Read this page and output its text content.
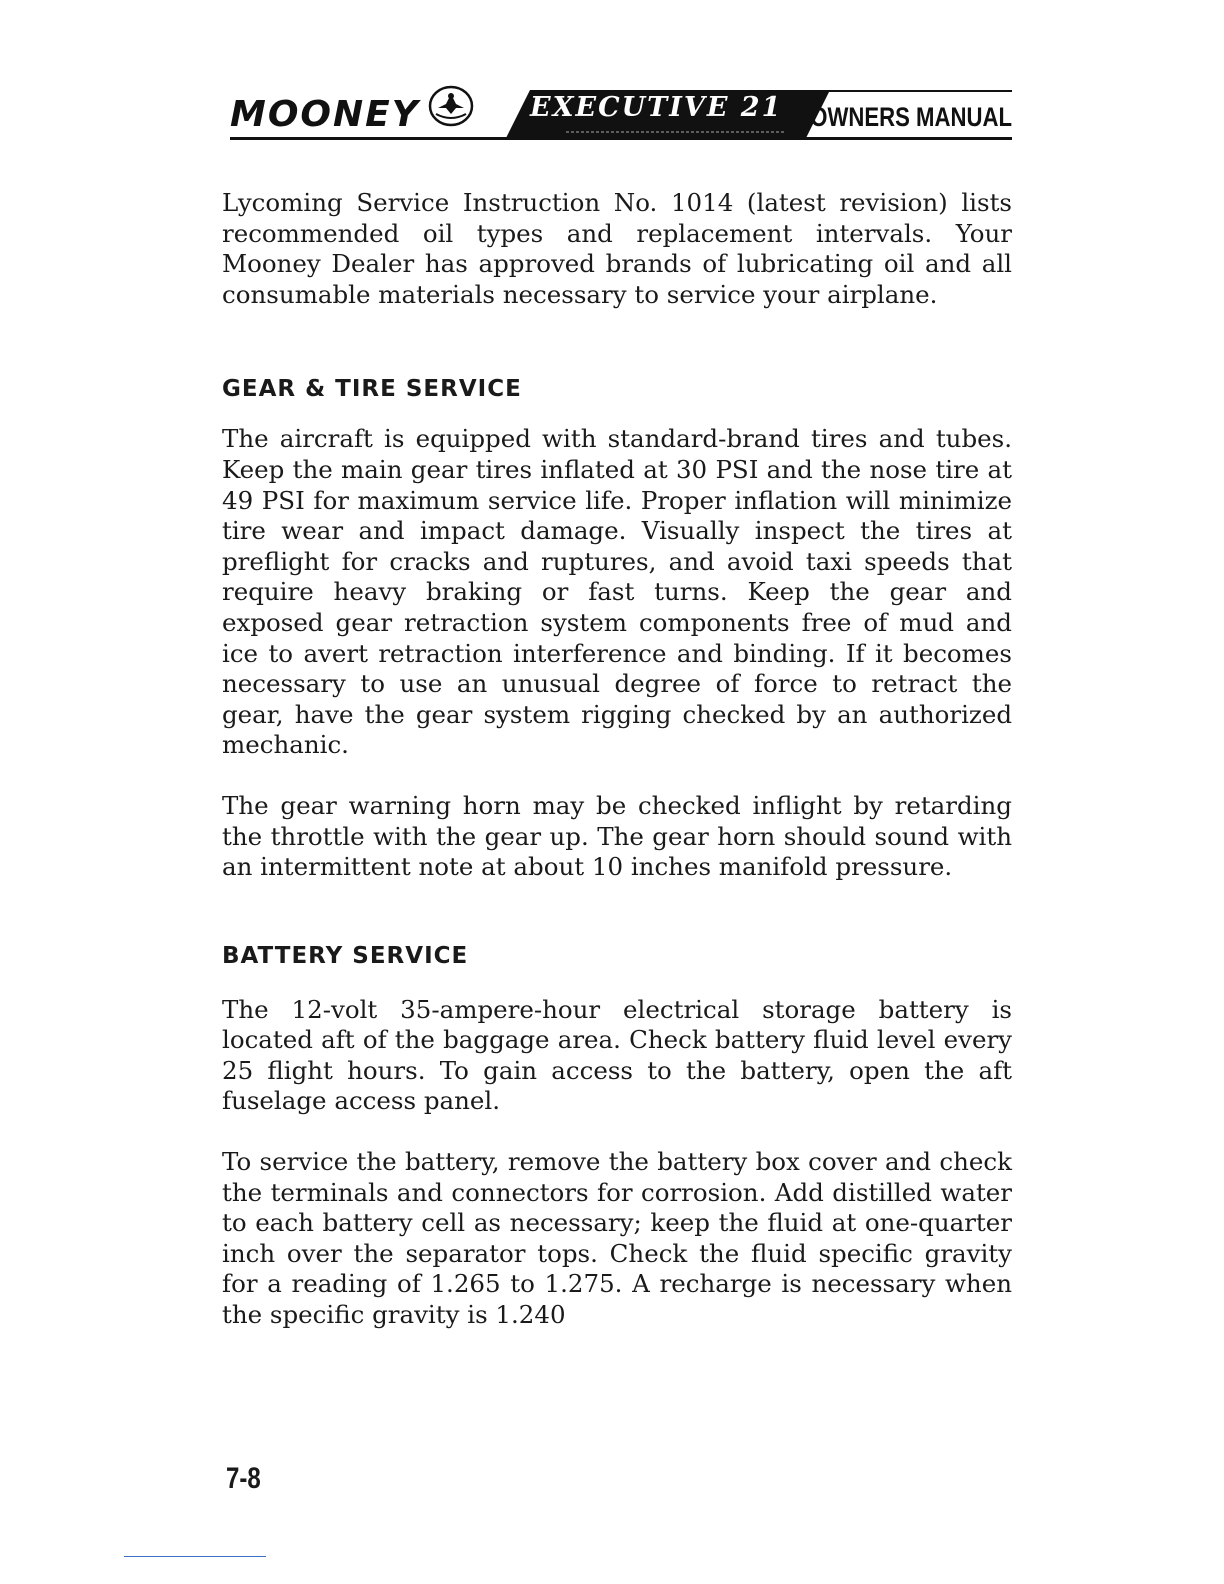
MOONEY	EXECUTIVE 21 OWNERS MANUAL

Lycoming Service Instruction No. 1014 (latest revision) lists recommended oil types and replacement intervals. Your Mooney Dealer has approved brands of lubricating oil and all consumable materials necessary to service your airplane.

GEAR & TIRE SERVICE

The aircraft is equipped with standard-brand tires and tubes. Keep the main gear tires inflated at 30 PSI and the nose tire at 49 PSI for maximum service life. Proper inflation will minimize tire wear and impact damage. Visually inspect the tires at preflight for cracks and ruptures, and avoid taxi speeds that require heavy braking or fast turns. Keep the gear and exposed gear retraction system components free of mud and ice to avert retraction interference and binding. If it becomes necessary to use an unusual degree of force to retract the gear, have the gear system rigging checked by an authorized mechanic.

The gear warning horn may be checked inflight by retarding the throttle with the gear up. The gear horn should sound with an intermittent note at about 10 inches manifold pressure.

BATTERY SERVICE

The 12-volt 35-ampere-hour electrical storage battery is located aft of the baggage area. Check battery fluid level every 25 flight hours. To gain access to the battery, open the aft fuselage access panel.

To service the battery, remove the battery box cover and check the terminals and connectors for corrosion. Add distilled water to each battery cell as necessary; keep the fluid at one-quarter inch over the separator tops. Check the fluid specific gravity for a reading of 1.265 to 1.275. A recharge is necessary when the specific gravity is 1.240

7-8
